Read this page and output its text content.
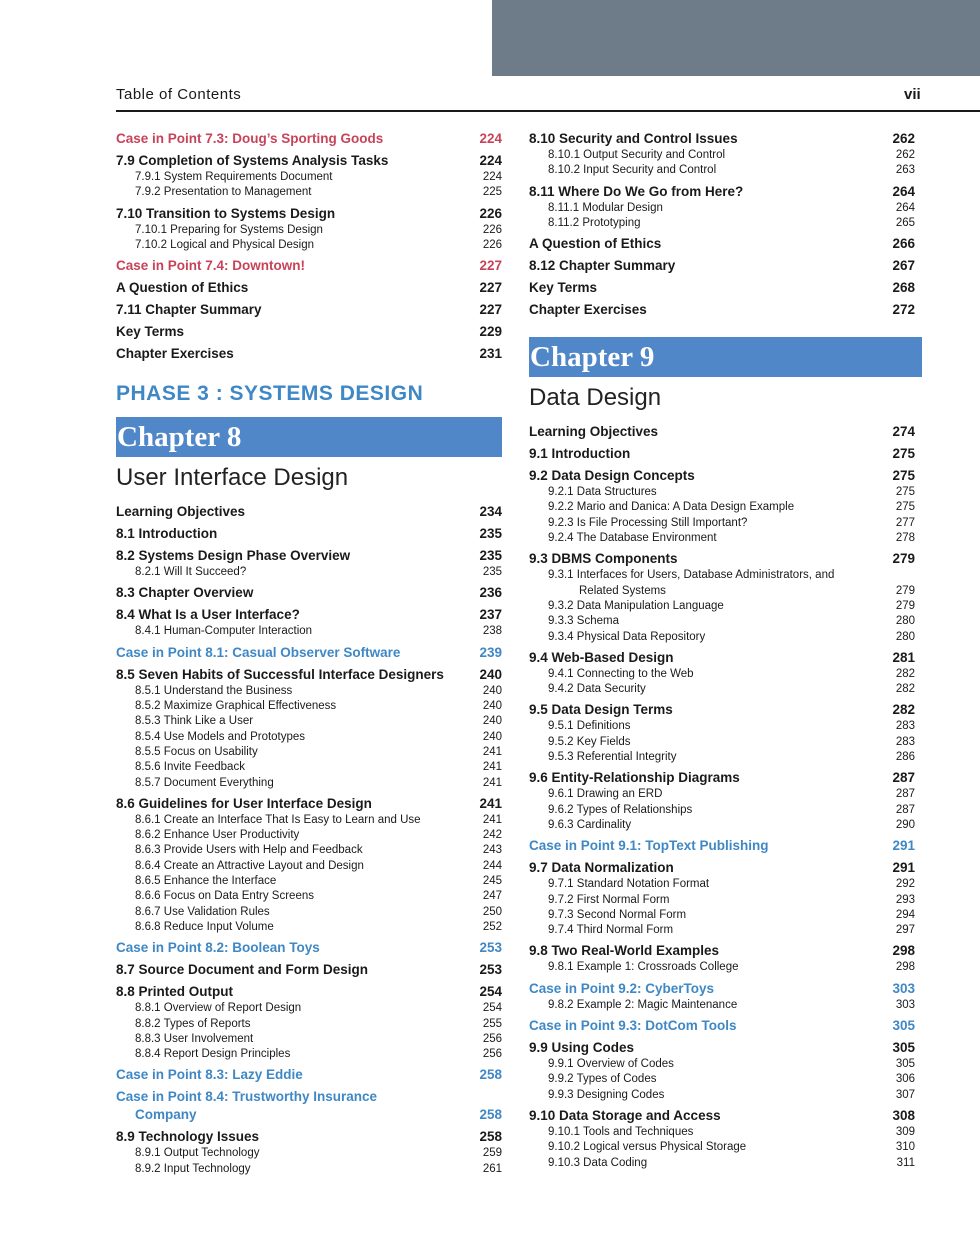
Table of Contents	vii
Case in Point 7.3: Doug’s Sporting Goods	224
7.9 Completion of Systems Analysis Tasks	224
7.9.1 System Requirements Document	224
7.9.2 Presentation to Management	225
7.10 Transition to Systems Design	226
7.10.1 Preparing for Systems Design	226
7.10.2 Logical and Physical Design	226
Case in Point 7.4: Downtown!	227
A Question of Ethics	227
7.11 Chapter Summary	227
Key Terms	229
Chapter Exercises	231
PHASE 3 : SYSTEMS DESIGN
Chapter 8
User Interface Design
Learning Objectives	234
8.1 Introduction	235
8.2 Systems Design Phase Overview	235
8.2.1 Will It Succeed?	235
8.3 Chapter Overview	236
8.4 What Is a User Interface?	237
8.4.1 Human-Computer Interaction	238
Case in Point 8.1: Casual Observer Software	239
8.5 Seven Habits of Successful Interface Designers	240
8.5.1 Understand the Business	240
8.5.2 Maximize Graphical Effectiveness	240
8.5.3 Think Like a User	240
8.5.4 Use Models and Prototypes	240
8.5.5 Focus on Usability	241
8.5.6 Invite Feedback	241
8.5.7 Document Everything	241
8.6 Guidelines for User Interface Design	241
8.6.1 Create an Interface That Is Easy to Learn and Use	241
8.6.2 Enhance User Productivity	242
8.6.3 Provide Users with Help and Feedback	243
8.6.4 Create an Attractive Layout and Design	244
8.6.5 Enhance the Interface	245
8.6.6 Focus on Data Entry Screens	247
8.6.7 Use Validation Rules	250
8.6.8 Reduce Input Volume	252
Case in Point 8.2: Boolean Toys	253
8.7 Source Document and Form Design	253
8.8 Printed Output	254
8.8.1 Overview of Report Design	254
8.8.2 Types of Reports	255
8.8.3 User Involvement	256
8.8.4 Report Design Principles	256
Case in Point 8.3: Lazy Eddie	258
Case in Point 8.4: Trustworthy Insurance
Company	258
8.9 Technology Issues	258
8.9.1 Output Technology	259
8.9.2 Input Technology	261
8.10 Security and Control Issues	262
8.10.1 Output Security and Control	262
8.10.2 Input Security and Control	263
8.11 Where Do We Go from Here?	264
8.11.1 Modular Design	264
8.11.2 Prototyping	265
A Question of Ethics	266
8.12 Chapter Summary	267
Key Terms	268
Chapter Exercises	272
Chapter 9
Data Design
Learning Objectives	274
9.1 Introduction	275
9.2 Data Design Concepts	275
9.2.1 Data Structures	275
9.2.2 Mario and Danica: A Data Design Example	275
9.2.3 Is File Processing Still Important?	277
9.2.4 The Database Environment	278
9.3 DBMS Components	279
9.3.1 Interfaces for Users, Database Administrators, and
Related Systems	279
9.3.2 Data Manipulation Language	279
9.3.3 Schema	280
9.3.4 Physical Data Repository	280
9.4 Web-Based Design	281
9.4.1 Connecting to the Web	282
9.4.2 Data Security	282
9.5 Data Design Terms	282
9.5.1 Definitions	283
9.5.2 Key Fields	283
9.5.3 Referential Integrity	286
9.6 Entity-Relationship Diagrams	287
9.6.1 Drawing an ERD	287
9.6.2 Types of Relationships	287
9.6.3 Cardinality	290
Case in Point 9.1: TopText Publishing	291
9.7 Data Normalization	291
9.7.1 Standard Notation Format	292
9.7.2 First Normal Form	293
9.7.3 Second Normal Form	294
9.7.4 Third Normal Form	297
9.8 Two Real-World Examples	298
9.8.1 Example 1: Crossroads College	298
Case in Point 9.2: CyberToys	303
9.8.2 Example 2: Magic Maintenance	303
Case in Point 9.3: DotCom Tools	305
9.9 Using Codes	305
9.9.1 Overview of Codes	305
9.9.2 Types of Codes	306
9.9.3 Designing Codes	307
9.10 Data Storage and Access	308
9.10.1 Tools and Techniques	309
9.10.2 Logical versus Physical Storage	310
9.10.3 Data Coding	311
